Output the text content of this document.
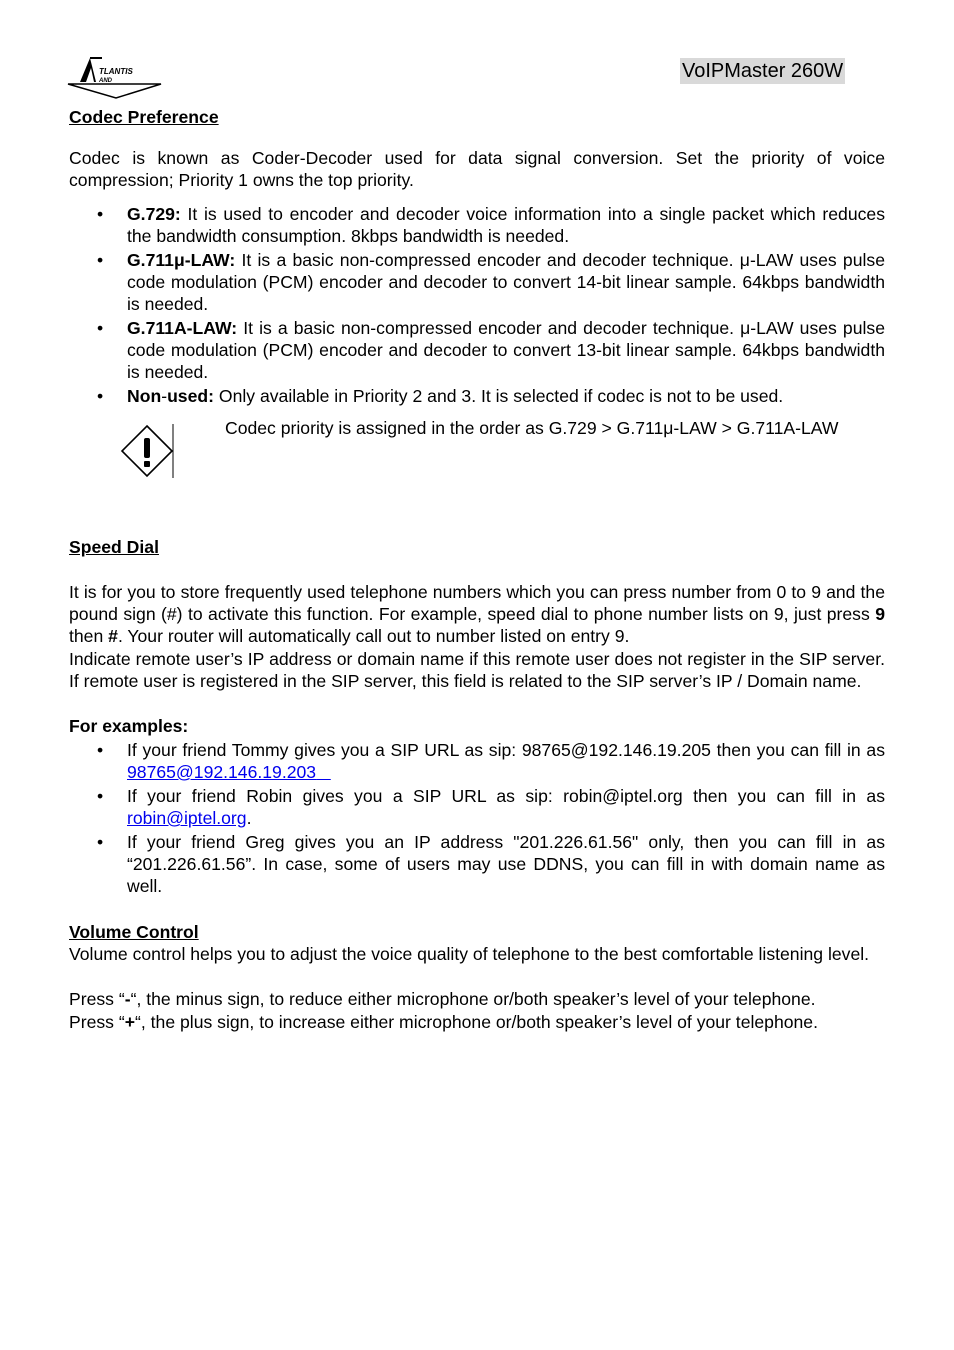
TLANTIS
AND	VoIPMaster 260W
Codec Preference
Codec is known as Coder-Decoder used for data signal conversion. Set the priority of voice compression; Priority 1 owns the top priority.
• G.729: It is used to encoder and decoder voice information into a single packet which reduces the bandwidth consumption. 8kbps bandwidth is needed.
• G.711μ-LAW: It is a basic non-compressed encoder and decoder technique. μ-LAW uses pulse code modulation (PCM) encoder and decoder to convert 14-bit linear sample. 64kbps bandwidth is needed.
• G.711A-LAW: It is a basic non-compressed encoder and decoder technique. μ-LAW uses pulse code modulation (PCM) encoder and decoder to convert 13-bit linear sample. 64kbps bandwidth is needed.
• Non-used: Only available in Priority 2 and 3. It is selected if codec is not to be used.
Codec priority is assigned in the order as G.729 > G.711μ-LAW > G.711A-LAW
Speed Dial
It is for you to store frequently used telephone numbers which you can press number from 0 to 9 and the pound sign (#) to activate this function. For example, speed dial to phone number lists on 9, just press 9 then #. Your router will automatically call out to number listed on entry 9.
Indicate remote user’s IP address or domain name if this remote user does not register in the SIP server. If remote user is registered in the SIP server, this field is related to the SIP server’s IP / Domain name.
For examples:
• If your friend Tommy gives you a SIP URL as sip: 98765@192.146.19.205 then you can fill in as 98765@192.146.19.203
• If your friend Robin gives you a SIP URL as sip: robin@iptel.org then you can fill in as robin@iptel.org.
• If your friend Greg gives you an IP address "201.226.61.56" only, then you can fill in as “201.226.61.56”. In case, some of users may use DDNS, you can fill in with domain name as well.
Volume Control
Volume control helps you to adjust the voice quality of telephone to the best comfortable listening level.
Press “-“, the minus sign, to reduce either microphone or/both speaker’s level of your telephone.
Press “+“, the plus sign, to increase either microphone or/both speaker’s level of your telephone.
